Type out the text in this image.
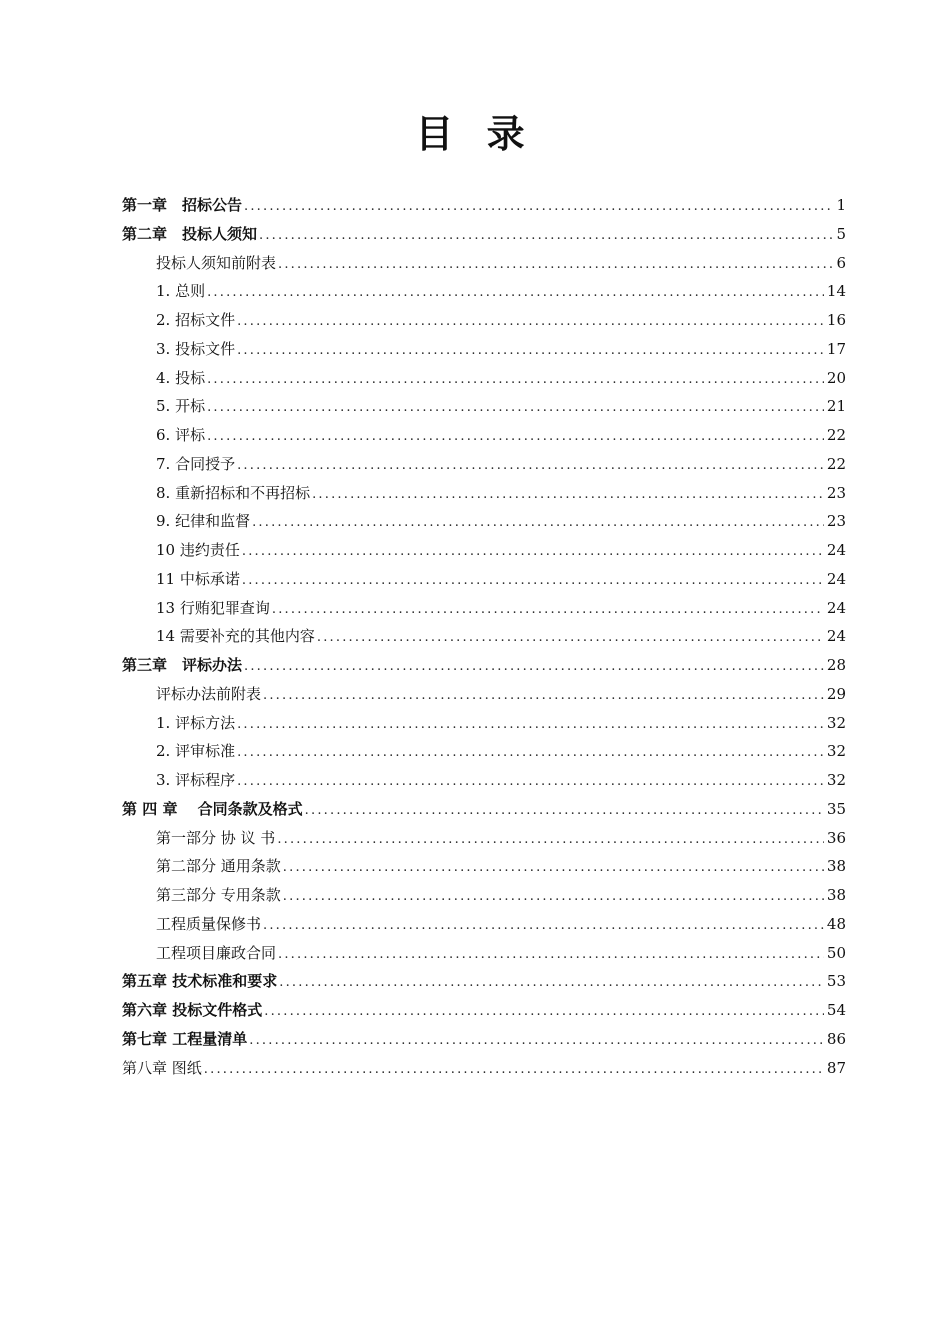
目 录
第一章　招标公告 .....	1
第二章　投标人须知 .....	5
投标人须知前附表 .....	6
1. 总则 .....	14
2. 招标文件 .....	16
3. 投标文件 .....	17
4. 投标 .....	20
5. 开标 .....	21
6. 评标 .....	22
7. 合同授予 .....	22
8. 重新招标和不再招标 .....	23
9. 纪律和监督 .....	23
10 违约责任 .....	24
11 中标承诺 .....	24
13 行贿犯罪查询 .....	24
14 需要补充的其他内容 .....	24
第三章　评标办法 .....	28
评标办法前附表 .....	29
1. 评标方法 .....	32
2. 评审标准 .....	32
3. 评标程序 .....	32
第 四 章　 合同条款及格式 .....	35
第一部分 协 议 书 .....	36
第二部分 通用条款 .....	38
第三部分 专用条款 .....	38
工程质量保修书 .....	48
工程项目廉政合同 .....	50
第五章 技术标准和要求 .....	53
第六章 投标文件格式 .....	54
第七章 工程量清单 .....	86
第八章 图纸 .....	87
